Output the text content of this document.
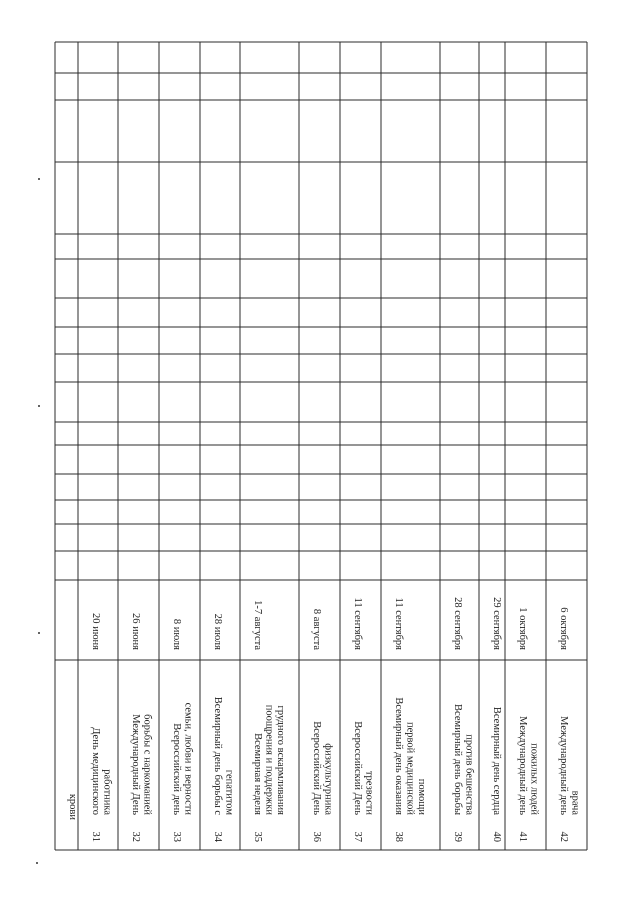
крови
31
День медицинского работника
20 июня
32
Международный День борьбы с наркоманией
26 июня
33
Всероссийский день семьи, любви и верности
8 июля
34
Всемирный день борьбы с гепатитом
28 июля
35
Всемирная неделя поощрения и поддержки грудного вскармливания
1-7 августа
36
Всероссийский День физкультурника
8 августа
37
Всероссийский День трезвости
11 сентября
38
Всемирный день оказания первой медицинской помощи
11 сентября
39
Всемирный день борьбы против бешенства
28 сентября
40
Всемирный день сердца
29 сентября
41
Международный день пожилых людей
1 октября
42
Международный день врача
6 октября
